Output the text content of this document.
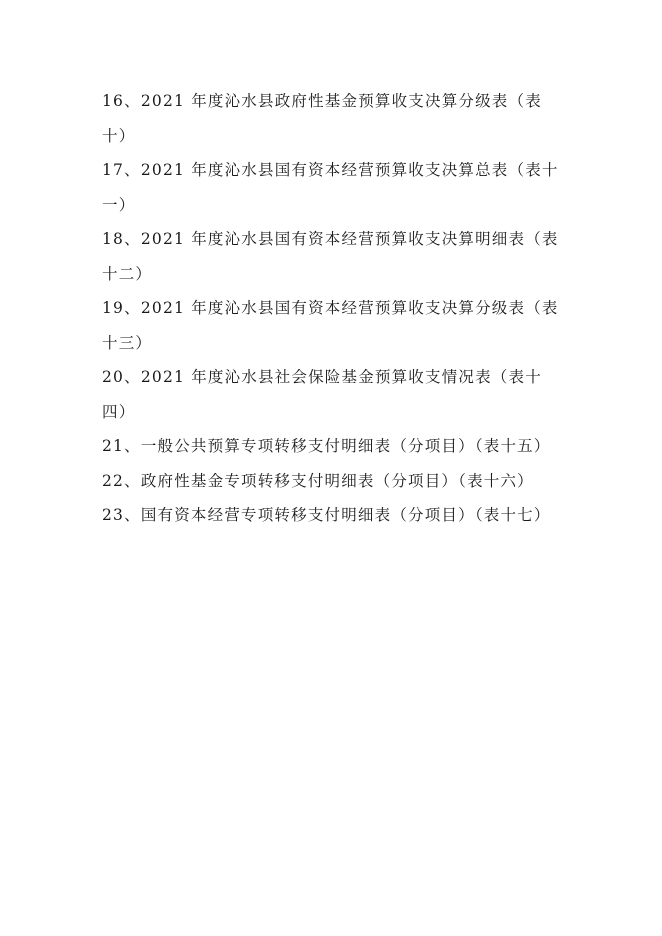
16、2021 年度沁水县政府性基金预算收支决算分级表（表
十）
17、2021 年度沁水县国有资本经营预算收支决算总表（表十
一）
18、2021 年度沁水县国有资本经营预算收支决算明细表（表
十二）
19、2021 年度沁水县国有资本经营预算收支决算分级表（表
十三）
20、2021 年度沁水县社会保险基金预算收支情况表（表十
四）
21、一般公共预算专项转移支付明细表（分项目）（表十五）
22、政府性基金专项转移支付明细表（分项目）（表十六）
23、国有资本经营专项转移支付明细表（分项目）（表十七）
